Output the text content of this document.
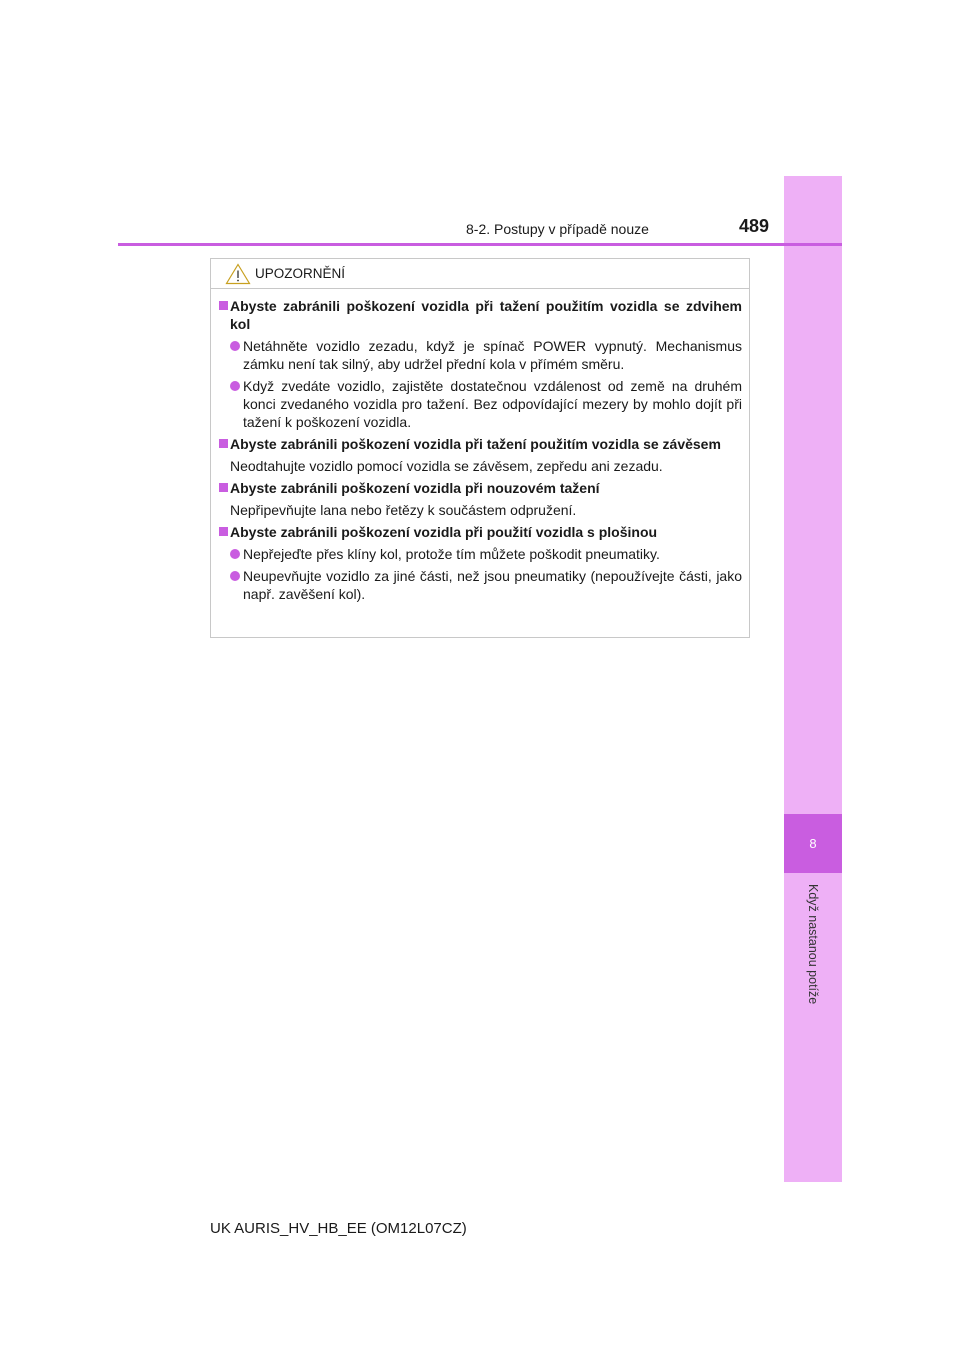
8
Když nastanou potíže
8-2. Postupy v případě nouze	489
UPOZORNĚNÍ
Abyste zabránili poškození vozidla při tažení použitím vozidla se zdvihem kol
Netáhněte vozidlo zezadu, když je spínač POWER vypnutý. Mechanismus zámku není tak silný, aby udržel přední kola v přímém směru.
Když zvedáte vozidlo, zajistěte dostatečnou vzdálenost od země na druhém konci zvedaného vozidla pro tažení. Bez odpovídající mezery by mohlo dojít při tažení k poškození vozidla.
Abyste zabránili poškození vozidla při tažení použitím vozidla se závěsem
Neodtahujte vozidlo pomocí vozidla se závěsem, zepředu ani zezadu.
Abyste zabránili poškození vozidla při nouzovém tažení
Nepřipevňujte lana nebo řetězy k součástem odpružení.
Abyste zabránili poškození vozidla při použití vozidla s plošinou
Nepřejeďte přes klíny kol, protože tím můžete poškodit pneumatiky.
Neupevňujte vozidlo za jiné části, než jsou pneumatiky (nepoužívejte části, jako např. zavěšení kol).
UK AURIS_HV_HB_EE (OM12L07CZ)
